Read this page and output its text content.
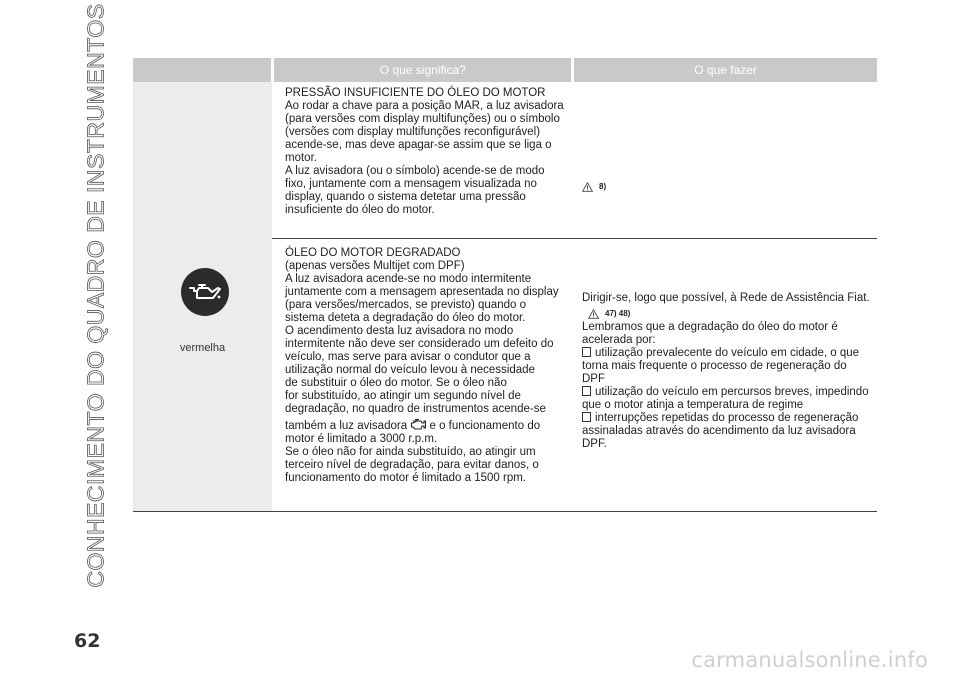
CONHECIMENTO DO QUADRO DE INSTRUMENTOS	O que significa?	O que fazer
vermelha

PRESSÃO INSUFICIENTE DO ÓLEO DO MOTOR

Ao rodar a chave para a posição MAR, a luz avisadora

(para versões com display multifunções) ou o símbolo

(versões com display multifunções reconfigurável)

acende-se, mas deve apagar-se assim que se liga o

motor.

A luz avisadora (ou o símbolo) acende-se de modo

fixo, juntamente com a mensagem visualizada no

display, quando o sistema detetar uma pressão

insuficiente do óleo do motor.

8)

ÓLEO DO MOTOR DEGRADADO

(apenas versões Multijet com DPF)

A luz avisadora acende-se no modo intermitente

juntamente com a mensagem apresentada no display

(para versões/mercados, se previsto) quando o

sistema deteta a degradação do óleo do motor.

O acendimento desta luz avisadora no modo

intermitente não deve ser considerado um defeito do

veículo, mas serve para avisar o condutor que a

utilização normal do veículo levou à necessidade

de substituir o óleo do motor. Se o óleo não

for substituído, ao atingir um segundo nível de

degradação, no quadro de instrumentos acende-se

também a luz avisadora e o funcionamento do

motor é limitado a 3000 r.p.m.

Se o óleo não for ainda substituído, ao atingir um

terceiro nível de degradação, para evitar danos, o

funcionamento do motor é limitado a 1500 rpm.

Dirigir-se, logo que possível, à Rede de Assistência Fiat.

47) 48)

Lembramos que a degradação do óleo do motor é

acelerada por:

utilização prevalecente do veículo em cidade, o que

torna mais frequente o processo de regeneração do

DPF

utilização do veículo em percursos breves, impedindo

que o motor atinja a temperatura de regime

interrupções repetidas do processo de regeneração

assinaladas através do acendimento da luz avisadora

DPF.

62
carmanualsonline.info
